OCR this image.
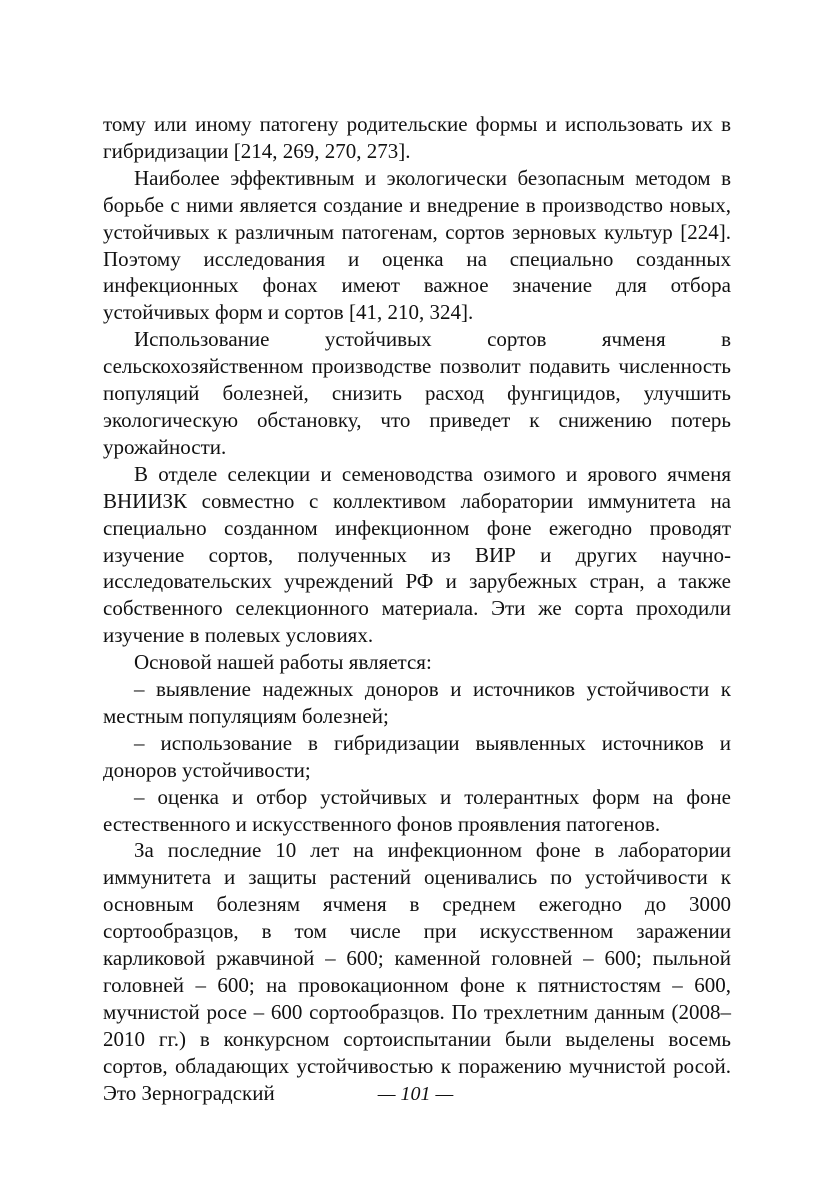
тому или иному патогену родительские формы и использовать их в гибридизации [214, 269, 270, 273].

Наиболее эффективным и экологически безопасным методом в борьбе с ними является создание и внедрение в производство новых, устойчивых к различным патогенам, сортов зерновых культур [224]. Поэтому исследования и оценка на специально созданных инфекционных фонах имеют важное значение для отбора устойчивых форм и сортов [41, 210, 324].

Использование устойчивых сортов ячменя в сельскохозяйственном производстве позволит подавить численность популяций болезней, снизить расход фунгицидов, улучшить экологическую обстановку, что приведет к снижению потерь урожайности.

В отделе селекции и семеноводства озимого и ярового ячменя ВНИИЗК совместно с коллективом лаборатории иммунитета на специально созданном инфекционном фоне ежегодно проводят изучение сортов, полученных из ВИР и других научно-исследовательских учреждений РФ и зарубежных стран, а также собственного селекционного материала. Эти же сорта проходили изучение в полевых условиях.

Основой нашей работы является:

– выявление надежных доноров и источников устойчивости к местным популяциям болезней;

– использование в гибридизации выявленных источников и доноров устойчивости;

– оценка и отбор устойчивых и толерантных форм на фоне естественного и искусственного фонов проявления патогенов.

За последние 10 лет на инфекционном фоне в лаборатории иммунитета и защиты растений оценивались по устойчивости к основным болезням ячменя в среднем ежегодно до 3000 сортообразцов, в том числе при искусственном заражении карликовой ржавчиной – 600; каменной головней – 600; пыльной головней – 600; на провокационном фоне к пятнистостям – 600, мучнистой росе – 600 сортообразцов. По трехлетним данным (2008–2010 гг.) в конкурсном сортоиспытании были выделены восемь сортов, обладающих устойчивостью к поражению мучнистой росой. Это Зерноградский	— 101 —
